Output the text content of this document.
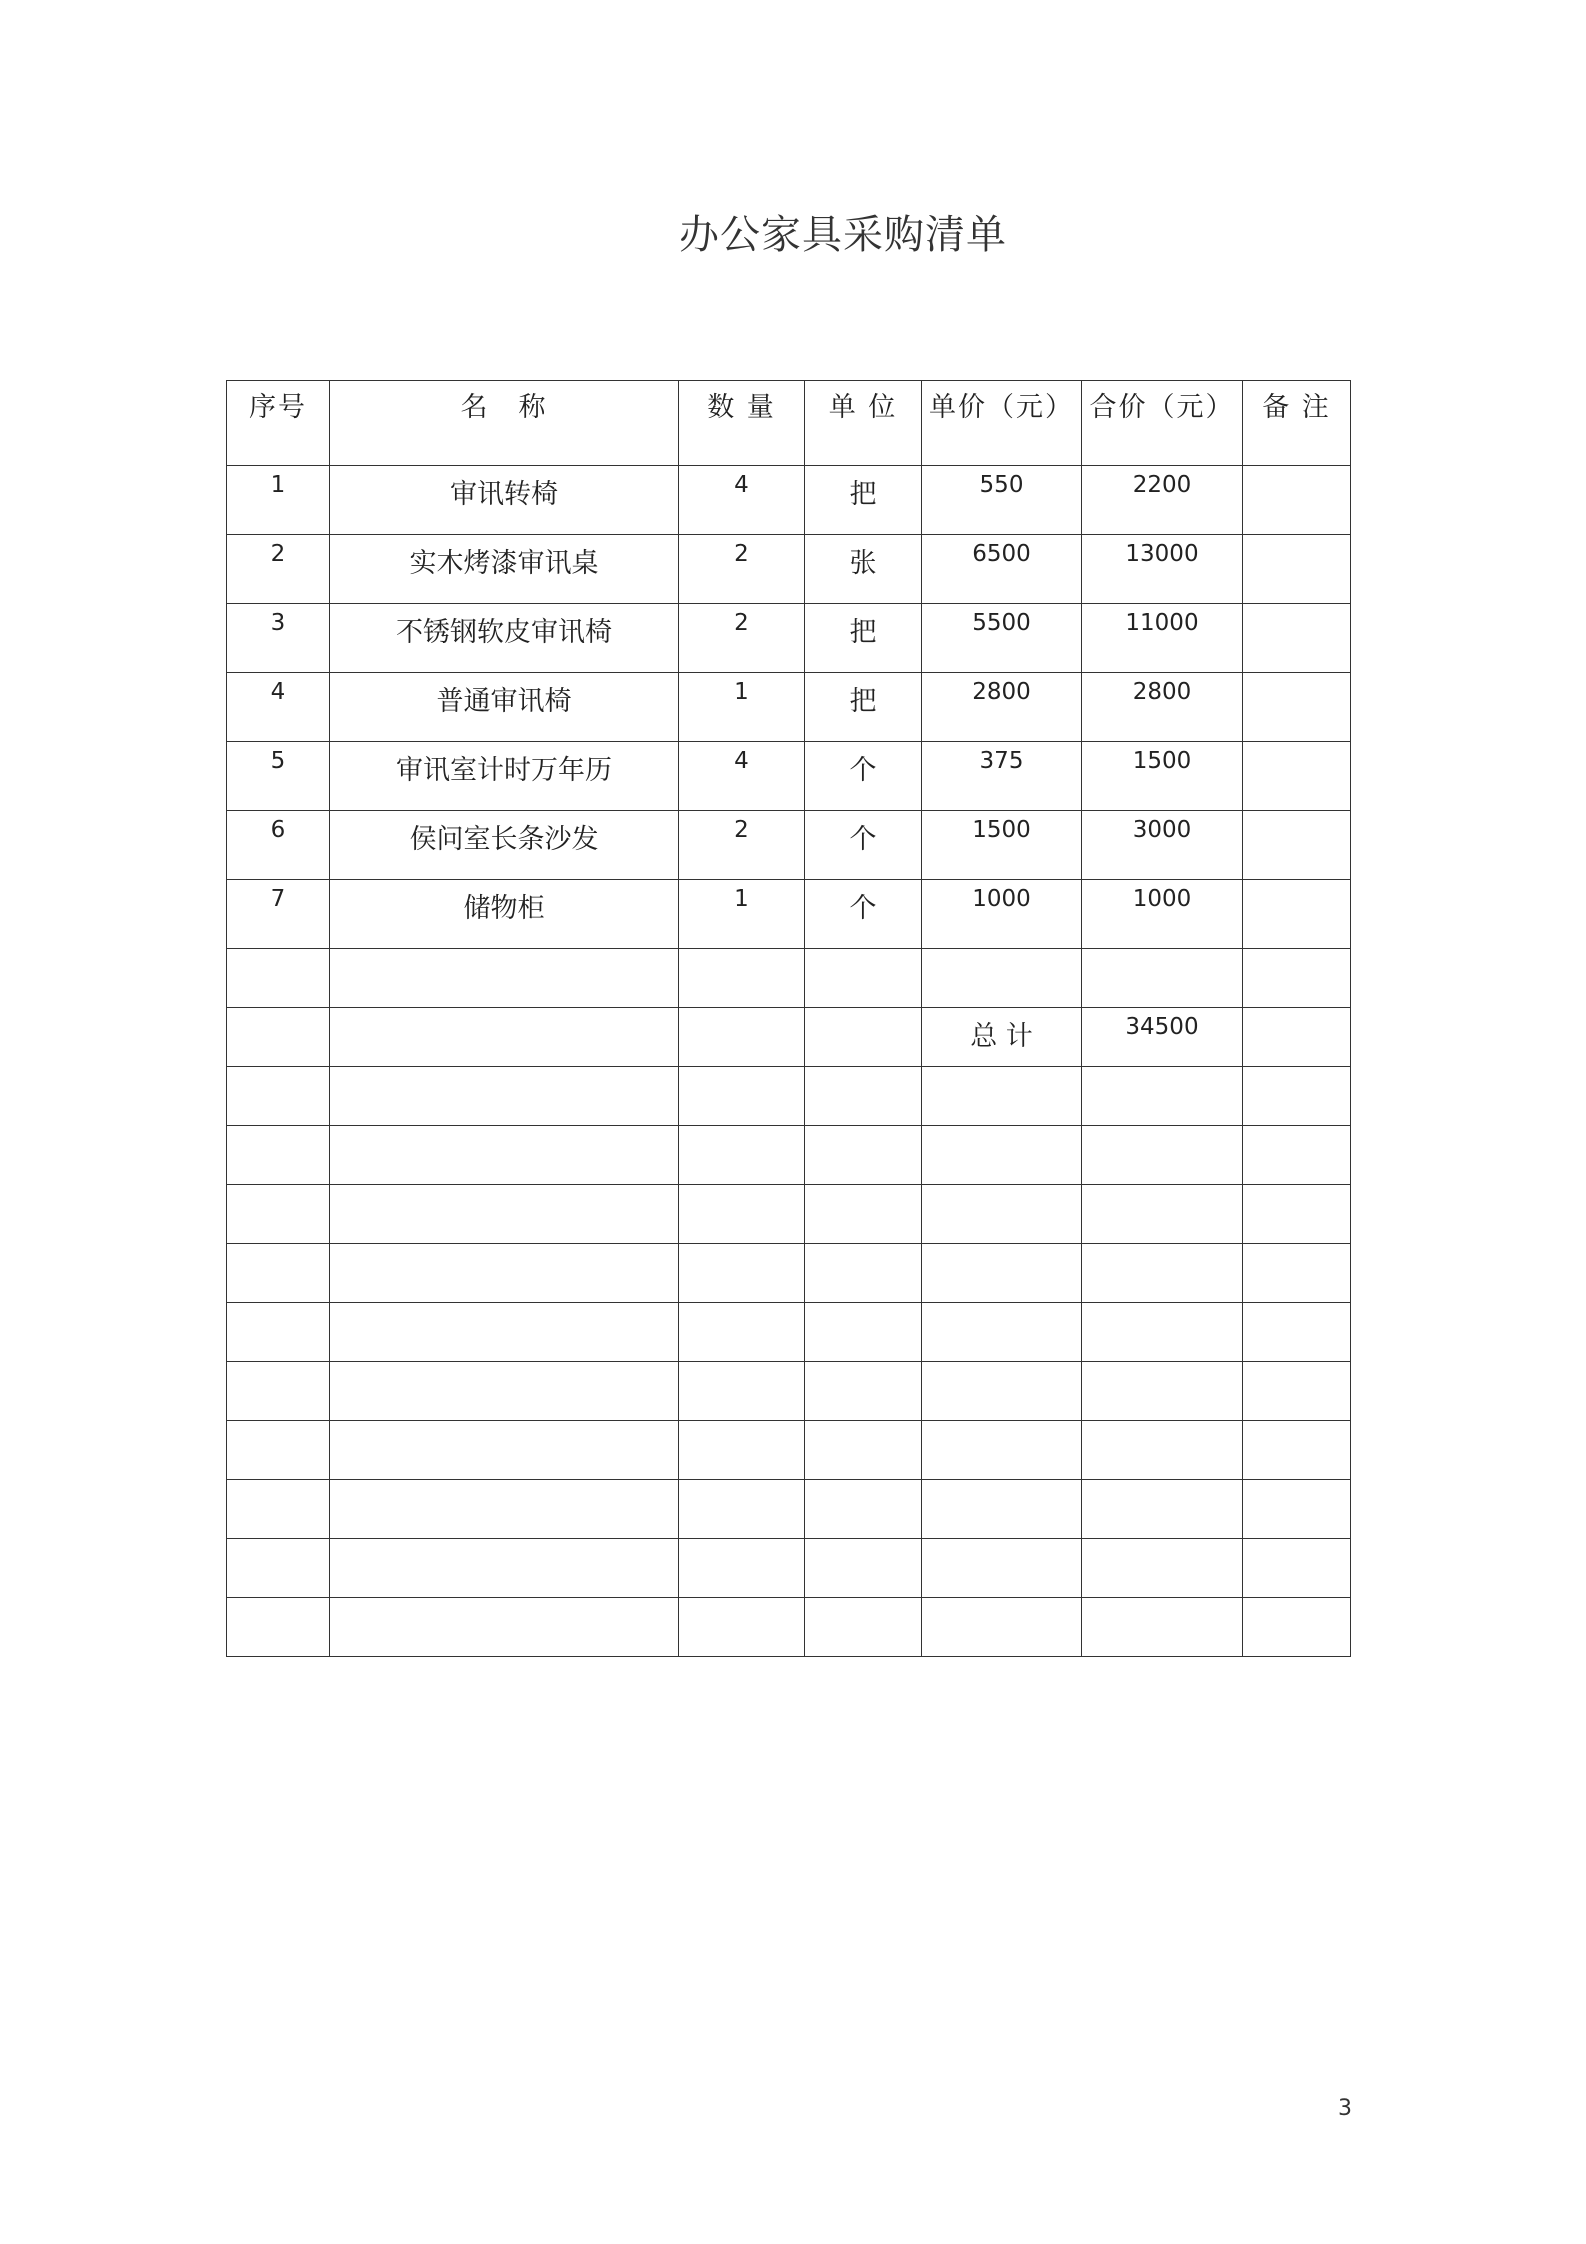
办公家具采购清单
序号	名　称	数 量	单 位	单价（元）	合价（元）	备 注
1	审讯转椅	4	把	550	2200	
2	实木烤漆审讯桌	2	张	6500	13000	
3	不锈钢软皮审讯椅	2	把	5500	11000	
4	普通审讯椅	1	把	2800	2800	
5	审讯室计时万年历	4	个	375	1500	
6	侯问室长条沙发	2	个	1500	3000	
7	储物柜	1	个	1000	1000	

				总 计	34500	

3
